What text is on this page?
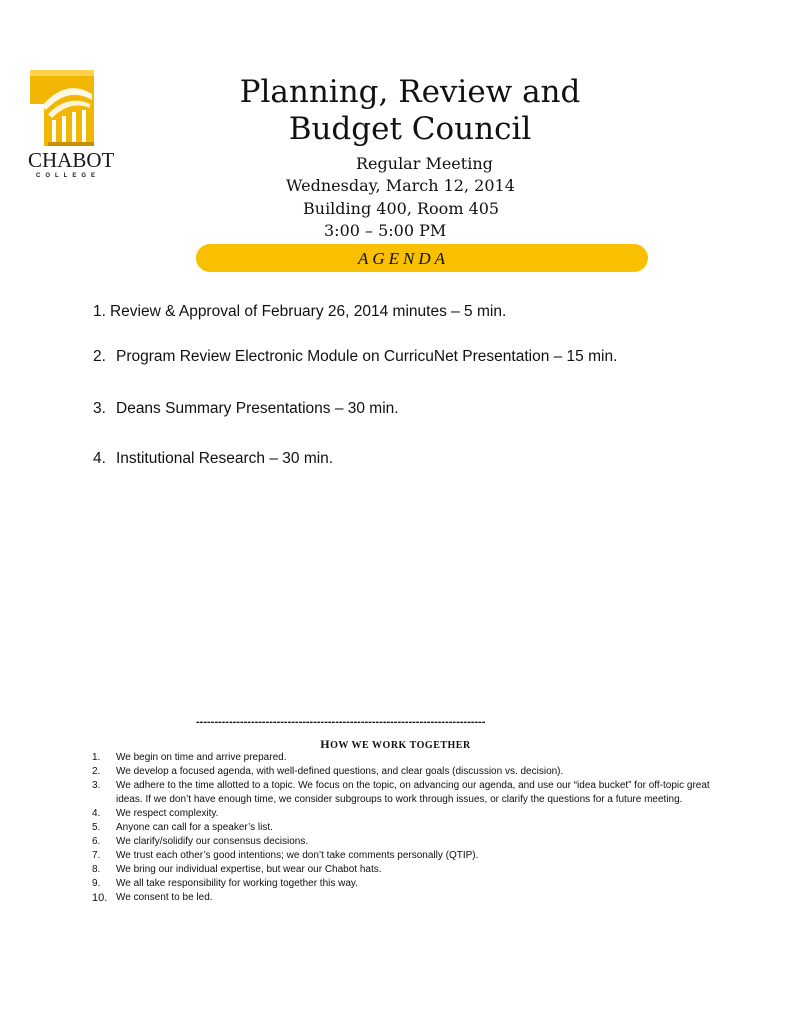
CHABOT
COLLEGE
Planning, Review and
Budget Council
Regular Meeting
Wednesday, March 12, 2014
Building 400, Room 405
3:00 – 5:00 PM
AGENDA
1. Review & Approval of February 26, 2014 minutes – 5 min.
2. Program Review Electronic Module on CurricuNet Presentation – 15 min.
3. Deans Summary Presentations – 30 min.
4. Institutional Research – 30 min.
-------------------------------------------------------------------------------
HOW WE WORK TOGETHER
1. We begin on time and arrive prepared.
2. We develop a focused agenda, with well-defined questions, and clear goals (discussion vs. decision).
3. We adhere to the time allotted to a topic. We focus on the topic, on advancing our agenda, and use our “idea bucket” for off-topic great ideas. If we don’t have enough time, we consider subgroups to work through issues, or clarify the questions for a future meeting.
4. We respect complexity.
5. Anyone can call for a speaker’s list.
6. We clarify/solidify our consensus decisions.
7. We trust each other’s good intentions; we don’t take comments personally (QTIP).
8. We bring our individual expertise, but wear our Chabot hats.
9. We all take responsibility for working together this way.
10. We consent to be led.
